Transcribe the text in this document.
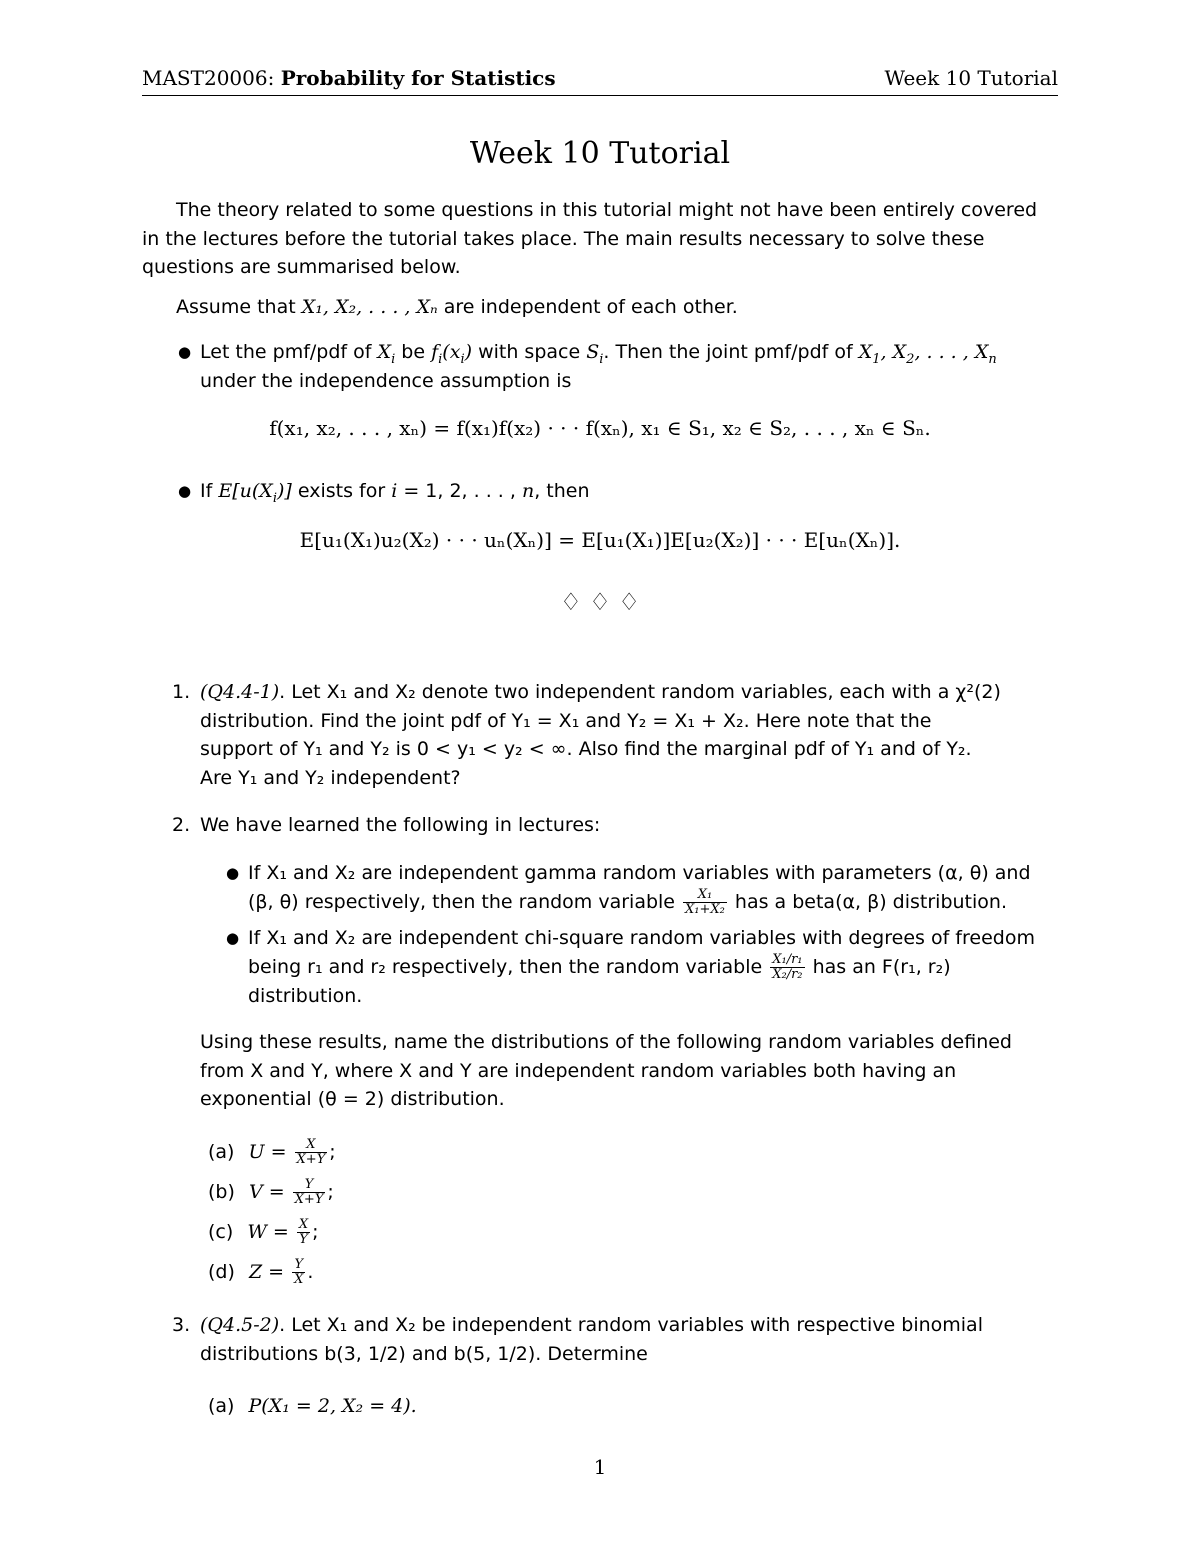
MAST20006: Probability for Statistics	Week 10 Tutorial
Week 10 Tutorial
The theory related to some questions in this tutorial might not have been entirely covered in the lectures before the tutorial takes place. The main results necessary to solve these questions are summarised below.
Assume that X₁, X₂, . . . , Xₙ are independent of each other.
● Let the pmf/pdf of $X_i$ be $f_i(x_i)$ with space $S_i$. Then the joint pmf/pdf of $X_1$, $X_2$, . . . , $X_n$
under the independence assumption is
f(x₁, x₂, . . . , xₙ) = f(x₁)f(x₂) · · · f(xₙ), x₁ ∈ S₁, x₂ ∈ S₂, . . . , xₙ ∈ Sₙ.
● If $E[u(X_i)]$ exists for i = 1, 2, . . . , n, then
E[u₁(X₁)u₂(X₂) · · · uₙ(Xₙ)] = E[u₁(X₁)]E[u₂(X₂)] · · · E[uₙ(Xₙ)].
♢ ♢ ♢
1. (Q4.4-1). Let X₁ and X₂ denote two independent random variables, each with a χ²(2)
distribution. Find the joint pdf of Y₁ = X₁ and Y₂ = X₁ + X₂. Here note that the
support of Y₁ and Y₂ is 0 < y₁ < y₂ < ∞. Also find the marginal pdf of Y₁ and of Y₂.
Are Y₁ and Y₂ independent?
2. We have learned the following in lectures:
● If X₁ and X₂ are independent gamma random variables with parameters (α, θ) and
(β, θ) respectively, then the random variable $\frac{\text{X₁}}{\text{X₁+X₂}}$ has a beta(α, β) distribution.
● If X₁ and X₂ are independent chi-square random variables with degrees of freedom
being r₁ and r₂ respectively, then the random variable $\frac{\text{X₁/r₁}}{\text{X₂/r₂}}$ has an F(r₁, r₂)
distribution.
Using these results, name the distributions of the following random variables defined from X and Y, where X and Y are independent random variables both having an exponential (θ = 2) distribution.
(a) $U = \frac{X}{X+Y}$ ;
(b) $V = \frac{Y}{X+Y}$ ;
(c) $W = \frac{X}{Y}$ ;
(d) $Z = \frac{Y}{X}$ .
3. (Q4.5-2). Let X₁ and X₂ be independent random variables with respective binomial
distributions b(3, 1/2) and b(5, 1/2). Determine
(a) P(X₁ = 2, X₂ = 4).
1
